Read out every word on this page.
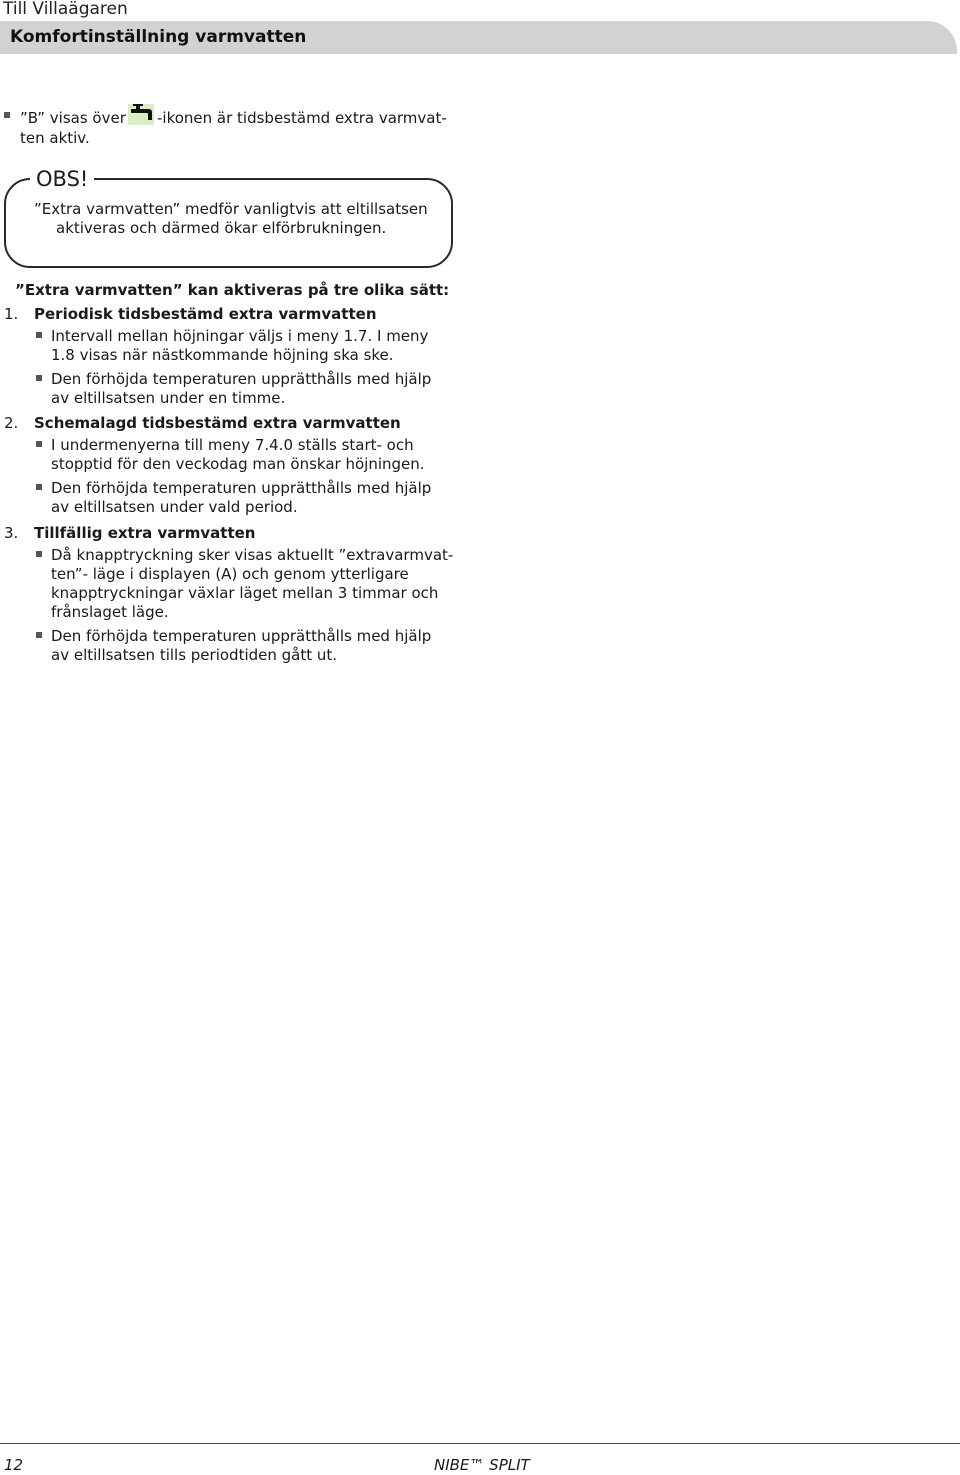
Till Villaägaren
Komfortinställning varmvatten
”B” visas över -ikonen är tidsbestämd extra varmvat-
ten aktiv.
OBS!
”Extra varmvatten” medför vanligtvis att eltillsatsen
aktiveras och därmed ökar elförbrukningen.
”Extra varmvatten” kan aktiveras på tre olika sätt:
1. Periodisk tidsbestämd extra varmvatten
Intervall mellan höjningar väljs i meny 1.7. I meny
1.8 visas när nästkommande höjning ska ske.
Den förhöjda temperaturen upprätthålls med hjälp
av eltillsatsen under en timme.
2. Schemalagd tidsbestämd extra varmvatten
I undermenyerna till meny 7.4.0 ställs start- och
stopptid för den veckodag man önskar höjningen.
Den förhöjda temperaturen upprätthålls med hjälp
av eltillsatsen under vald period.
3. Tillfällig extra varmvatten
Då knapptryckning sker visas aktuellt ”extravarmvat-
ten”- läge i displayen (A) och genom ytterligare
knapptryckningar växlar läget mellan 3 timmar och
frånslaget läge.
Den förhöjda temperaturen upprätthålls med hjälp
av eltillsatsen tills periodtiden gått ut.
12	NIBE™ SPLIT
